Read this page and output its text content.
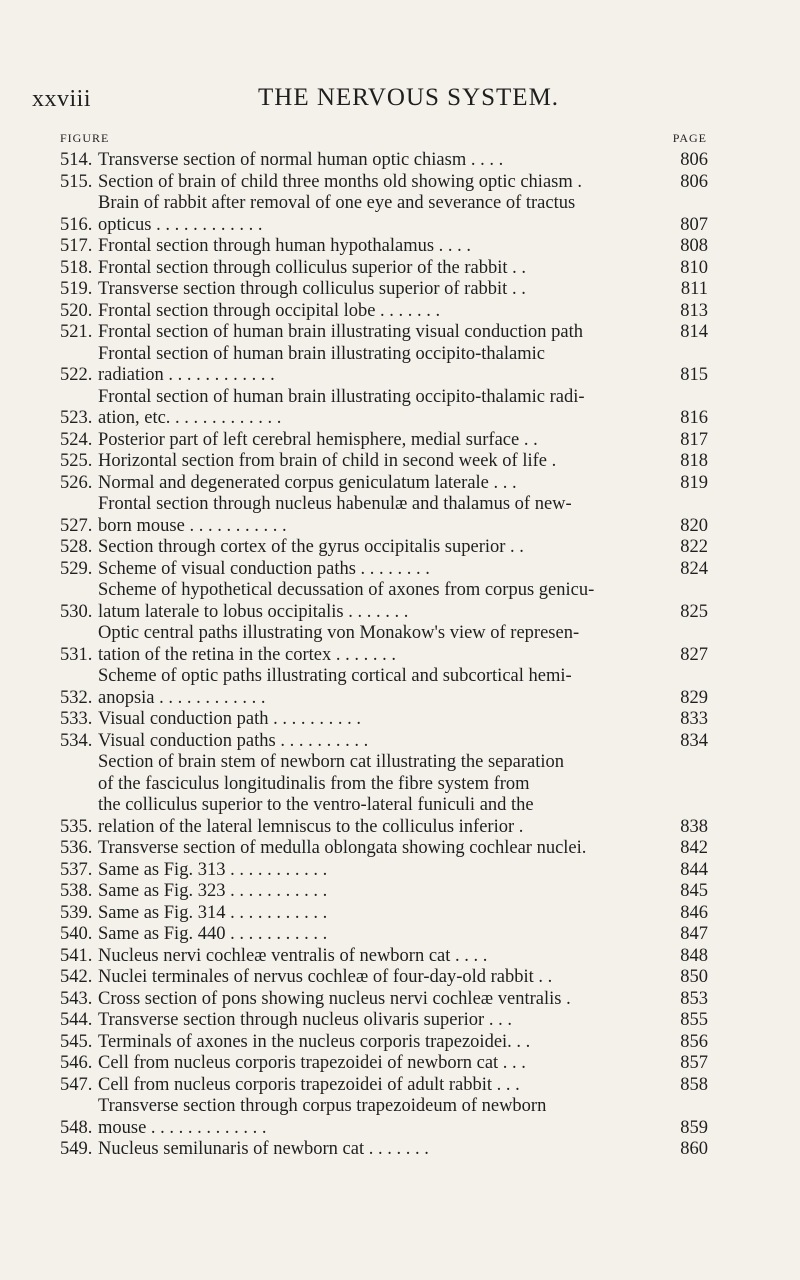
xxviii	THE NERVOUS SYSTEM.
FIGURE	PAGE
514. Transverse section of normal human optic chiasm . . . .	806
515. Section of brain of child three months old showing optic chiasm .	806
516.
Brain of rabbit after removal of one eye and severance of tractus
opticus . . . . . . . . . . . .	807
517. Frontal section through human hypothalamus . . . .	808
518. Frontal section through colliculus superior of the rabbit . .	810
519. Transverse section through colliculus superior of rabbit . .	811
520. Frontal section through occipital lobe . . . . . . .	813
521. Frontal section of human brain illustrating visual conduction path	814
522.
Frontal section of human brain illustrating occipito-thalamic
radiation . . . . . . . . . . . .	815
523.
Frontal section of human brain illustrating occipito-thalamic radi-
ation, etc. . . . . . . . . . . . .	816
524. Posterior part of left cerebral hemisphere, medial surface . .	817
525. Horizontal section from brain of child in second week of life .	818
526. Normal and degenerated corpus geniculatum laterale . . .	819
527.
Frontal section through nucleus habenulæ and thalamus of new-
born mouse . . . . . . . . . . .	820
528. Section through cortex of the gyrus occipitalis superior . .	822
529. Scheme of visual conduction paths . . . . . . . .	824
530.
Scheme of hypothetical decussation of axones from corpus genicu-
latum laterale to lobus occipitalis . . . . . . .	825
531.
Optic central paths illustrating von Monakow's view of represen-
tation of the retina in the cortex . . . . . . .	827
532.
Scheme of optic paths illustrating cortical and subcortical hemi-
anopsia . . . . . . . . . . . .	829
533. Visual conduction path . . . . . . . . . .	833
534. Visual conduction paths . . . . . . . . . .	834
535.
Section of brain stem of newborn cat illustrating the separation
of the fasciculus longitudinalis from the fibre system from
the colliculus superior to the ventro-lateral funiculi and the
relation of the lateral lemniscus to the colliculus inferior .	838
536. Transverse section of medulla oblongata showing cochlear nuclei.	842
537. Same as Fig. 313 . . . . . . . . . . .	844
538. Same as Fig. 323 . . . . . . . . . . .	845
539. Same as Fig. 314 . . . . . . . . . . .	846
540. Same as Fig. 440 . . . . . . . . . . .	847
541. Nucleus nervi cochleæ ventralis of newborn cat . . . .	848
542. Nuclei terminales of nervus cochleæ of four-day-old rabbit . .	850
543. Cross section of pons showing nucleus nervi cochleæ ventralis .	853
544. Transverse section through nucleus olivaris superior . . .	855
545. Terminals of axones in the nucleus corporis trapezoidei. . .	856
546. Cell from nucleus corporis trapezoidei of newborn cat . . .	857
547. Cell from nucleus corporis trapezoidei of adult rabbit . . .	858
548.
Transverse section through corpus trapezoideum of newborn
mouse . . . . . . . . . . . . .	859
549. Nucleus semilunaris of newborn cat . . . . . . .	860
